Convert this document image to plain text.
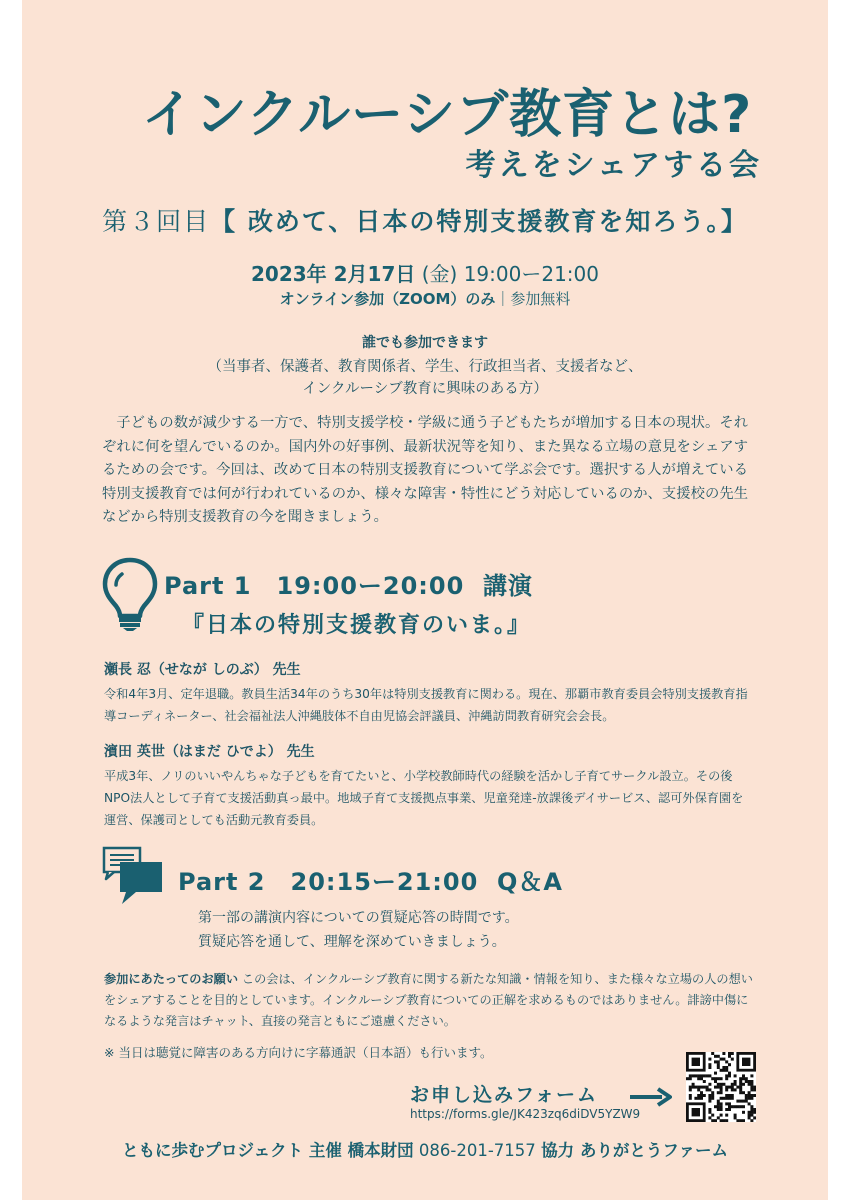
インクルーシブ教育とは?
考えをシェアする会
第３回目【 改めて、日本の特別支援教育を知ろう。】
2023年 2月17日 (金) 19:00ー21:00
オンライン参加（ZOOM）のみ｜参加無料
誰でも参加できます
（当事者、保護者、教育関係者、学生、行政担当者、支援者など、
インクルーシブ教育に興味のある方）
子どもの数が減少する一方で、特別支援学校・学級に通う子どもたちが増加する日本の現状。それぞれに何を望んでいるのか。国内外の好事例、最新状況等を知り、また異なる立場の意見をシェアするための会です。今回は、改めて日本の特別支援教育について学ぶ会です。選択する人が増えている特別支援教育では何が行われているのか、様々な障害・特性にどう対応しているのか、支援校の先生などから特別支援教育の今を聞きましょう。
Part 1　19:00ー20:00  講演
『日本の特別支援教育のいま。』
瀬長 忍（せなが しのぶ） 先生
令和4年3月、定年退職。教員生活34年のうち30年は特別支援教育に関わる。現在、那覇市教育委員会特別支援教育指導コーディネーター、社会福祉法人沖縄肢体不自由児協会評議員、沖縄訪問教育研究会会長。
濱田 英世（はまだ ひでよ） 先生
平成3年、ノリのいいやんちゃな子どもを育てたいと、小学校教師時代の経験を活かし子育てサークル設立。その後NPO法人として子育て支援活動真っ最中。地域子育て支援拠点事業、児童発達-放課後デイサービス、認可外保育園を運営、保護司としても活動元教育委員。
Part 2　20:15ー21:00  Q＆A
第一部の講演内容についての質疑応答の時間です。
質疑応答を通して、理解を深めていきましょう。
参加にあたってのお願い この会は、インクルーシブ教育に関する新たな知識・情報を知り、また様々な立場の人の想いをシェアすることを目的としています。インクルーシブ教育についての正解を求めるものではありません。誹謗中傷になるような発言はチャット、直接の発言ともにご遠慮ください。
※ 当日は聴覚に障害のある方向けに字幕通訳（日本語）も行います。
お申し込みフォーム
https://forms.gle/JK423zq6diDV5YZW9
ともに歩むプロジェクト 主催 橋本財団 086-201-7157 協力 ありがとうファーム
